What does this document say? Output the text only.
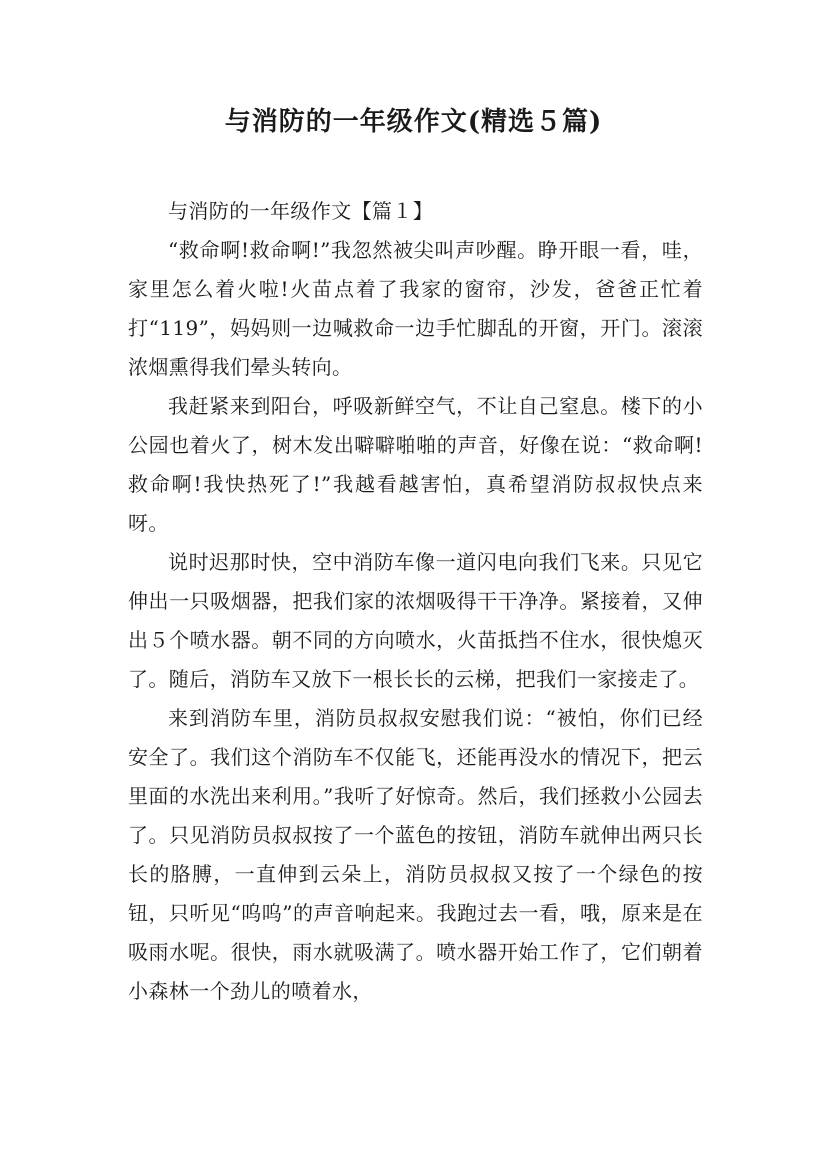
与消防的一年级作文(精选５篇)

与消防的一年级作文【篇１】

“救命啊!救命啊!”我忽然被尖叫声吵醒。睁开眼一看，哇，家里怎么着火啦!火苗点着了我家的窗帘，沙发，爸爸正忙着打“119”，妈妈则一边喊救命一边手忙脚乱的开窗，开门。滚滚浓烟熏得我们晕头转向。

我赶紧来到阳台，呼吸新鲜空气，不让自己窒息。楼下的小公园也着火了，树木发出噼噼啪啪的声音，好像在说：“救命啊!救命啊!我快热死了!”我越看越害怕，真希望消防叔叔快点来呀。

说时迟那时快，空中消防车像一道闪电向我们飞来。只见它伸出一只吸烟器，把我们家的浓烟吸得干干净净。紧接着，又伸出５个喷水器。朝不同的方向喷水，火苗抵挡不住水，很快熄灭了。随后，消防车又放下一根长长的云梯，把我们一家接走了。

来到消防车里，消防员叔叔安慰我们说：“被怕，你们已经安全了。我们这个消防车不仅能飞，还能再没水的情况下，把云里面的水洗出来利用。”我听了好惊奇。然后，我们拯救小公园去了。只见消防员叔叔按了一个蓝色的按钮，消防车就伸出两只长长的胳膊，一直伸到云朵上，消防员叔叔又按了一个绿色的按钮，只听见“呜呜”的声音响起来。我跑过去一看，哦，原来是在吸雨水呢。很快，雨水就吸满了。喷水器开始工作了，它们朝着小森林一个劲儿的喷着水，
